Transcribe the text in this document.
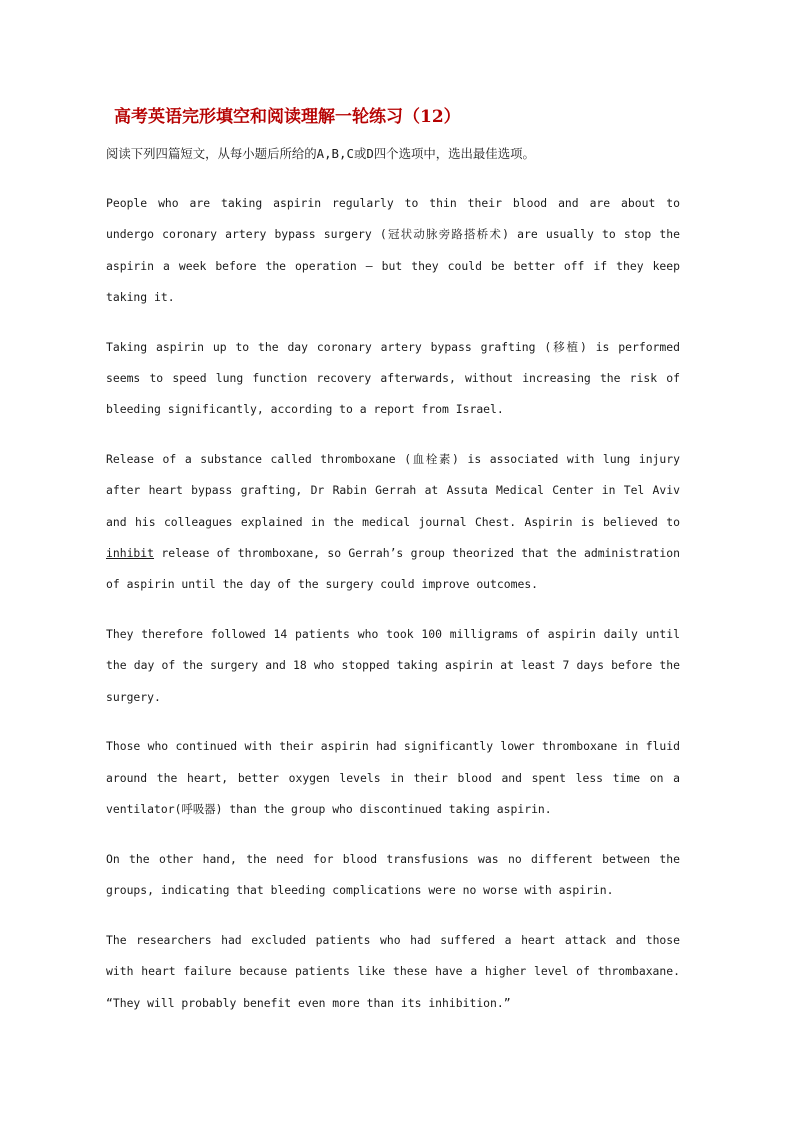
高考英语完形填空和阅读理解一轮练习（12）
阅读下列四篇短文，从每小题后所给的A,B,C或D四个选项中，选出最佳选项。

People who are taking aspirin regularly to thin their blood and are about to undergo coronary artery bypass surgery (冠状动脉旁路搭桥术) are usually to stop the aspirin a week before the operation – but they could be better off if they keep taking it.

Taking aspirin up to the day coronary artery bypass grafting (移植) is performed seems to speed lung function recovery afterwards, without increasing the risk of bleeding significantly, according to a report from Israel.

Release of a substance called thromboxane (血栓素) is associated with lung injury after heart bypass grafting, Dr Rabin Gerrah at Assuta Medical Center in Tel Aviv and his colleagues explained in the medical journal Chest. Aspirin is believed to inhibit release of thromboxane, so Gerrah’s group theorized that the administration of aspirin until the day of the surgery could improve outcomes.

They therefore followed 14 patients who took 100 milligrams of aspirin daily until the day of the surgery and 18 who stopped taking aspirin at least 7 days before the surgery.

Those who continued with their aspirin had significantly lower thromboxane in fluid around the heart, better oxygen levels in their blood and spent less time on a ventilator(呼吸器) than the group who discontinued taking aspirin.

On the other hand, the need for blood transfusions was no different between the groups, indicating that bleeding complications were no worse with aspirin.

The researchers had excluded patients who had suffered a heart attack and those with heart failure because patients like these have a higher level of thrombaxane. “They will probably benefit even more than its inhibition.”
